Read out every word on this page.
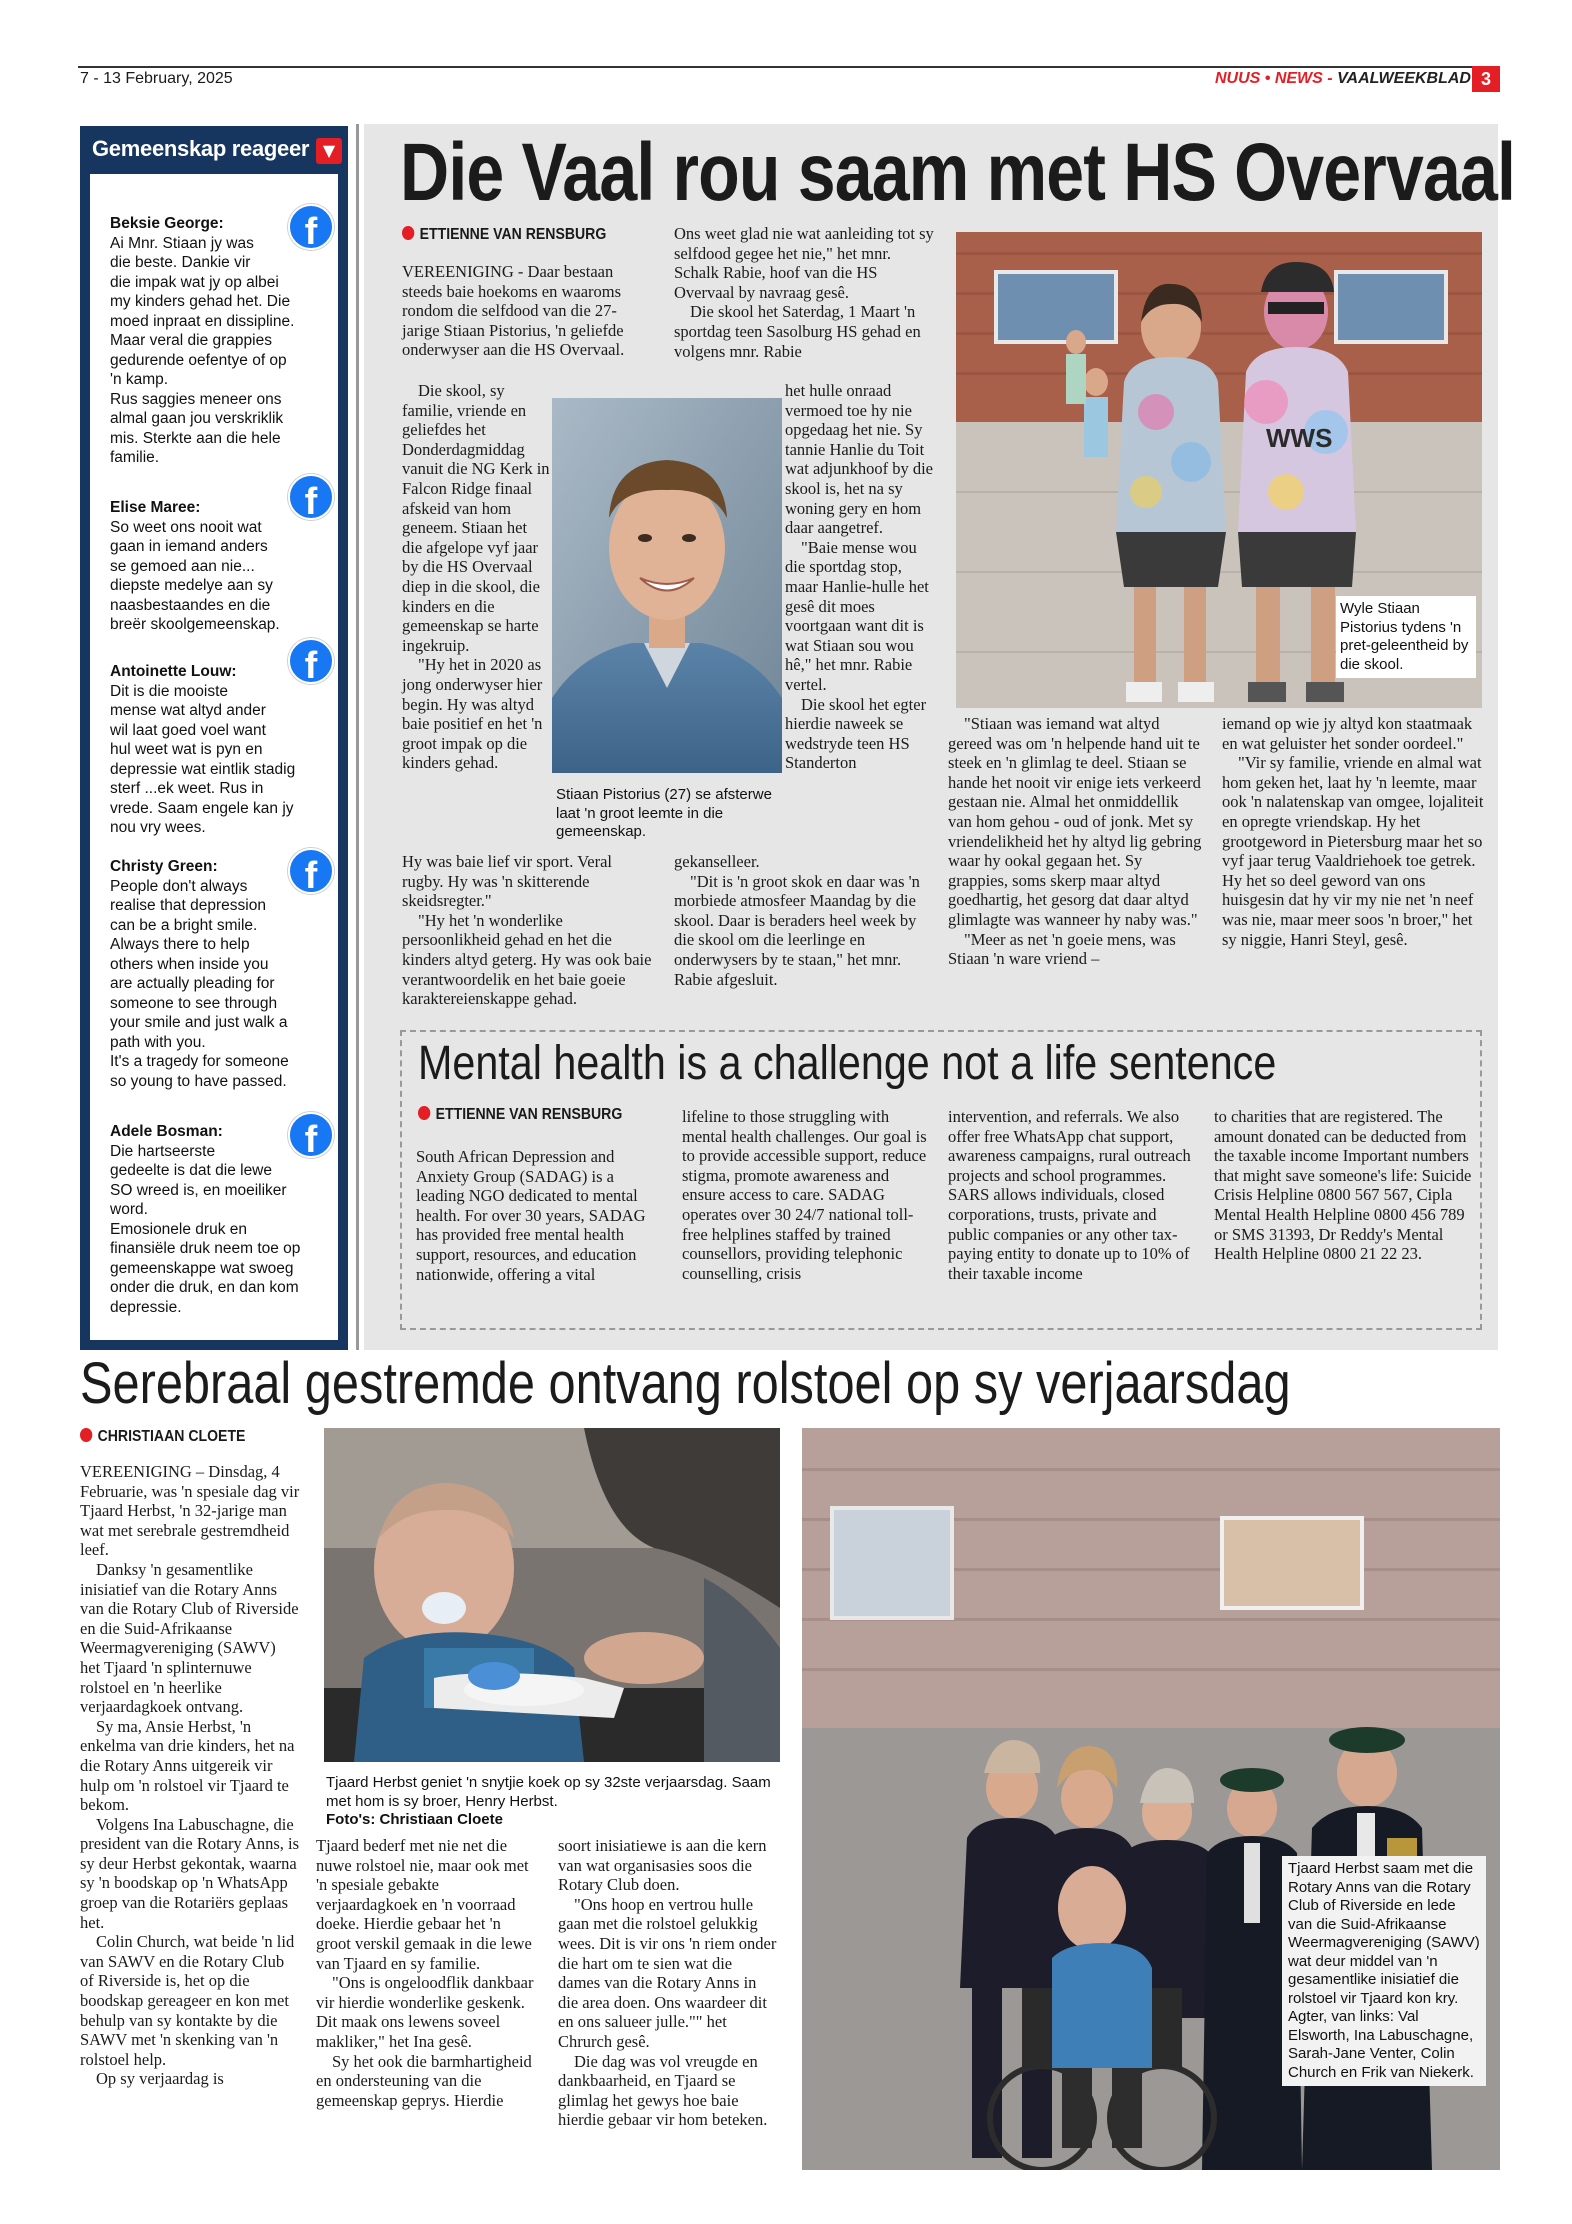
7 - 13 February, 2025	NUUS • NEWS - VAALWEEKBLAD 3
Gemeenskap reageer ▼
Beksie George:
Ai Mnr. Stiaan jy was
die beste. Dankie vir
die impak wat jy op albei
my kinders gehad het. Die
moed inpraat en dissipline.
Maar veral die grappies
gedurende oefentye of op
'n kamp.
Rus saggies meneer ons
almal gaan jou verskriklik
mis. Sterkte aan die hele
familie.
f
Elise Maree:
So weet ons nooit wat
gaan in iemand anders
se gemoed aan nie...
diepste medelye aan sy
naasbestaandes en die
breër skoolgemeenskap.
f
Antoinette Louw:
Dit is die mooiste
mense wat altyd ander
wil laat goed voel want
hul weet wat is pyn en
depressie wat eintlik stadig
sterf ...ek weet. Rus in
vrede. Saam engele kan jy
nou vry wees.
f
Christy Green:
People don't always
realise that depression
can be a bright smile.
Always there to help
others when inside you
are actually pleading for
someone to see through
your smile and just walk a
path with you.
It's a tragedy for someone
so young to have passed.
f
Adele Bosman:
Die hartseerste
gedeelte is dat die lewe
SO wreed is, en moeiliker
word.
Emosionele druk en
finansiële druk neem toe op
gemeenskappe wat swoeg
onder die druk, en dan kom
depressie.
f
Die Vaal rou saam met HS Overvaal
ETTIENNE VAN RENSBURG

VEREENIGING - Daar bestaan steeds baie hoekoms en waaroms rondom die selfdood van die 27-jarige Stiaan Pistorius, 'n geliefde onderwyser aan die HS Overvaal.

Die skool, sy familie, vriende en geliefdes het Donderdagmiddag vanuit die NG Kerk in Falcon Ridge finaal afskeid van hom geneem. Stiaan het die afgelope vyf jaar by die HS Overvaal diep in die skool, die kinders en die gemeenskap se harte ingekruip.

"Hy het in 2020 as jong onderwyser hier begin. Hy was altyd baie positief en het 'n groot impak op die kinders gehad.

Hy was baie lief vir sport. Veral rugby. Hy was 'n skitterende skeidsregter."

"Hy het 'n wonderlike persoonlikheid gehad en het die kinders altyd geterg. Hy was ook baie verantwoordelik en het baie goeie karaktereienskappe gehad.

Ons weet glad nie wat aanleiding tot sy selfdood gegee het nie," het mnr. Schalk Rabie, hoof van die HS Overvaal by navraag gesê.

Die skool het Saterdag, 1 Maart 'n sportdag teen Sasolburg HS gehad en volgens mnr. Rabie

het hulle onraad vermoed toe hy nie opgedaag het nie. Sy tannie Hanlie du Toit wat adjunkhoof by die skool is, het na sy woning gery en hom daar aangetref.

"Baie mense wou die sportdag stop, maar Hanlie-hulle het gesê dit moes voortgaan want dit is wat Stiaan sou wou hê," het mnr. Rabie vertel.

Die skool het egter hierdie naweek se wedstryde teen HS Standerton

gekanselleer.

"Dit is 'n groot skok en daar was 'n morbiede atmosfeer Maandag by die skool. Daar is beraders heel week by die skool om die leerlinge en onderwysers by te staan," het mnr. Rabie afgesluit.

"Stiaan was iemand wat altyd gereed was om 'n helpende hand uit te steek en 'n glimlag te deel. Stiaan se hande het nooit vir enige iets verkeerd gestaan nie. Almal het onmiddellik van hom gehou - oud of jonk. Met sy vriendelikheid het hy altyd lig gebring waar hy ookal gegaan het. Sy grappies, soms skerp maar altyd goedhartig, het gesorg dat daar altyd glimlagte was wanneer hy naby was."

"Meer as net 'n goeie mens, was Stiaan 'n ware vriend –

iemand op wie jy altyd kon staatmaak en wat geluister het sonder oordeel."

"Vir sy familie, vriende en almal wat hom geken het, laat hy 'n leemte, maar ook 'n nalatenskap van omgee, lojaliteit en opregte vriendskap. Hy het grootgeword in Pietersburg maar het so vyf jaar terug Vaaldriehoek toe getrek. Hy het so deel geword van ons huisgesin dat hy vir my nie net 'n neef was nie, maar meer soos 'n broer," het sy niggie, Hanri Steyl, gesê.

Stiaan Pistorius (27) se afsterwe laat 'n groot leemte in die gemeenskap.
WWS
Wyle Stiaan Pistorius tydens 'n pret-geleentheid by die skool.
Mental health is a challenge not a life sentence
ETTIENNE VAN RENSBURG

South African Depression and Anxiety Group (SADAG) is a leading NGO dedicated to mental health. For over 30 years, SADAG has provided free mental health support, resources, and education nationwide, offering a vital

lifeline to those struggling with mental health challenges. Our goal is to provide accessible support, reduce stigma, promote awareness and ensure access to care. SADAG operates over 30 24/7 national toll-free helplines staffed by trained counsellors, providing telephonic counselling, crisis

intervention, and referrals. We also offer free WhatsApp chat support, awareness campaigns, rural outreach projects and school programmes. SARS allows individuals, closed corporations, trusts, private and public companies or any other tax-paying entity to donate up to 10% of their taxable income

to charities that are registered. The amount donated can be deducted from the taxable income Important numbers that might save someone's life: Suicide Crisis Helpline 0800 567 567, Cipla Mental Health Helpline 0800 456 789 or SMS 31393, Dr Reddy's Mental Health Helpline 0800 21 22 23.

Serebraal gestremde ontvang rolstoel op sy verjaarsdag
CHRISTIAAN CLOETE

VEREENIGING – Dinsdag, 4 Februarie, was 'n spesiale dag vir Tjaard Herbst, 'n 32-jarige man wat met serebrale gestremdheid leef.

Danksy 'n gesamentlike inisiatief van die Rotary Anns van die Rotary Club of Riverside en die Suid-Afrikaanse Weermagvereniging (SAWV) het Tjaard 'n splinternuwe rolstoel en 'n heerlike verjaardagkoek ontvang.

Sy ma, Ansie Herbst, 'n enkelma van drie kinders, het na die Rotary Anns uitgereik vir hulp om 'n rolstoel vir Tjaard te bekom.

Volgens Ina Labuschagne, die president van die Rotary Anns, is sy deur Herbst gekontak, waarna sy 'n boodskap op 'n WhatsApp groep van die Rotariërs geplaas het.

Colin Church, wat beide 'n lid van SAWV en die Rotary Club of Riverside is, het op die boodskap gereageer en kon met behulp van sy kontakte by die SAWV met 'n skenking van 'n rolstoel help.

Op sy verjaardag is

Tjaard Herbst geniet 'n snytjie koek op sy 32ste verjaarsdag. Saam met hom is sy broer, Henry Herbst.
Foto's: Christiaan Cloete

Tjaard bederf met nie net die nuwe rolstoel nie, maar ook met 'n spesiale gebakte verjaardagkoek en 'n voorraad doeke. Hierdie gebaar het 'n groot verskil gemaak in die lewe van Tjaard en sy familie.

"Ons is ongeloodflik dankbaar vir hierdie wonderlike geskenk. Dit maak ons lewens soveel makliker," het Ina gesê.

Sy het ook die barmhartigheid en ondersteuning van die gemeenskap geprys. Hierdie

soort inisiatiewe is aan die kern van wat organisasies soos die Rotary Club doen.

"Ons hoop en vertrou hulle gaan met die rolstoel gelukkig wees. Dit is vir ons 'n riem onder die hart om te sien wat die dames van die Rotary Anns in die area doen. Ons waardeer dit en ons salueer julle."" het Chrurch gesê.

Die dag was vol vreugde en dankbaarheid, en Tjaard se glimlag het gewys hoe baie hierdie gebaar vir hom beteken.

Tjaard Herbst saam met die Rotary Anns van die Rotary Club of Riverside en lede van die Suid-Afrikaanse Weermagvereniging (SAWV) wat deur middel van 'n gesamentlike inisiatief die rolstoel vir Tjaard kon kry. Agter, van links: Val Elsworth, Ina Labuschagne, Sarah-Jane Venter, Colin Church en Frik van Niekerk.
